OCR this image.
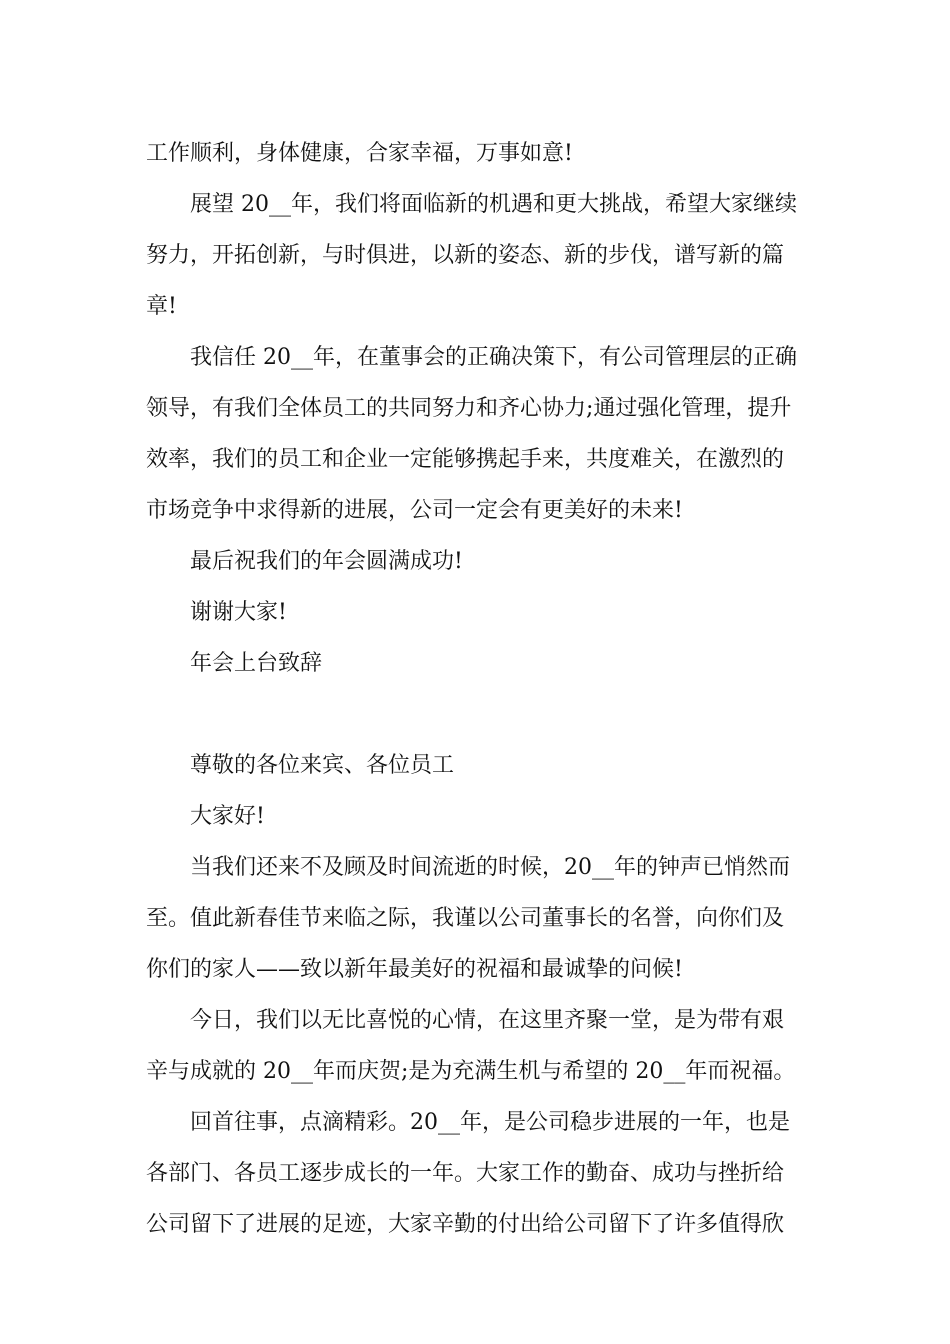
工作顺利，身体健康，合家幸福，万事如意!
展望 20__年，我们将面临新的机遇和更大挑战，希望大家继续
努力，开拓创新，与时俱进，以新的姿态、新的步伐，谱写新的篇
章!
我信任 20__年，在董事会的正确决策下，有公司管理层的正确
领导，有我们全体员工的共同努力和齐心协力;通过强化管理，提升
效率，我们的员工和企业一定能够携起手来，共度难关，在激烈的
市场竞争中求得新的进展，公司一定会有更美好的未来!
最后祝我们的年会圆满成功!
谢谢大家!
年会上台致辞
尊敬的各位来宾、各位员工
大家好!
当我们还来不及顾及时间流逝的时候，20__年的钟声已悄然而
至。值此新春佳节来临之际，我谨以公司董事长的名誉，向你们及
你们的家人——致以新年最美好的祝福和最诚挚的问候!
今日，我们以无比喜悦的心情，在这里齐聚一堂，是为带有艰
辛与成就的 20__年而庆贺;是为充满生机与希望的 20__年而祝福。
回首往事，点滴精彩。20__年，是公司稳步进展的一年，也是
各部门、各员工逐步成长的一年。大家工作的勤奋、成功与挫折给
公司留下了进展的足迹，大家辛勤的付出给公司留下了许多值得欣
